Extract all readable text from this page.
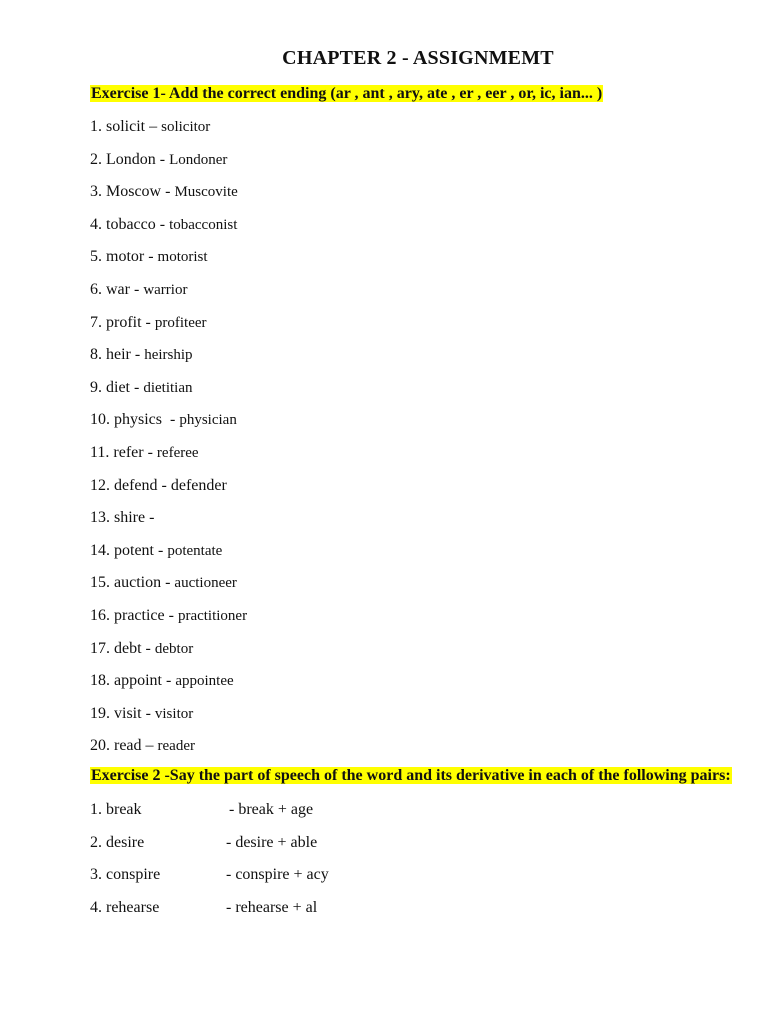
CHAPTER 2 - ASSIGNMEMT
Exercise 1- Add the correct ending (ar , ant , ary, ate , er , eer , or, ic, ian... )
1. solicit – solicitor
2. London - Londoner
3. Moscow - Muscovite
4. tobacco - tobacconist
5. motor - motorist
6. war - warrior
7. profit - profiteer
8. heir - heirship
9. diet - dietitian
10. physics  - physician
11. refer - referee
12. defend - defender
13. shire -
14. potent - potentate
15. auction - auctioneer
16. practice - practitioner
17. debt - debtor
18. appoint - appointee
19. visit - visitor
20. read – reader
Exercise 2 -Say the part of speech of the word and its derivative in each of the following pairs:
1. break	- break + age
2. desire	- desire + able
3. conspire	- conspire + acy
4. rehearse	- rehearse + al
